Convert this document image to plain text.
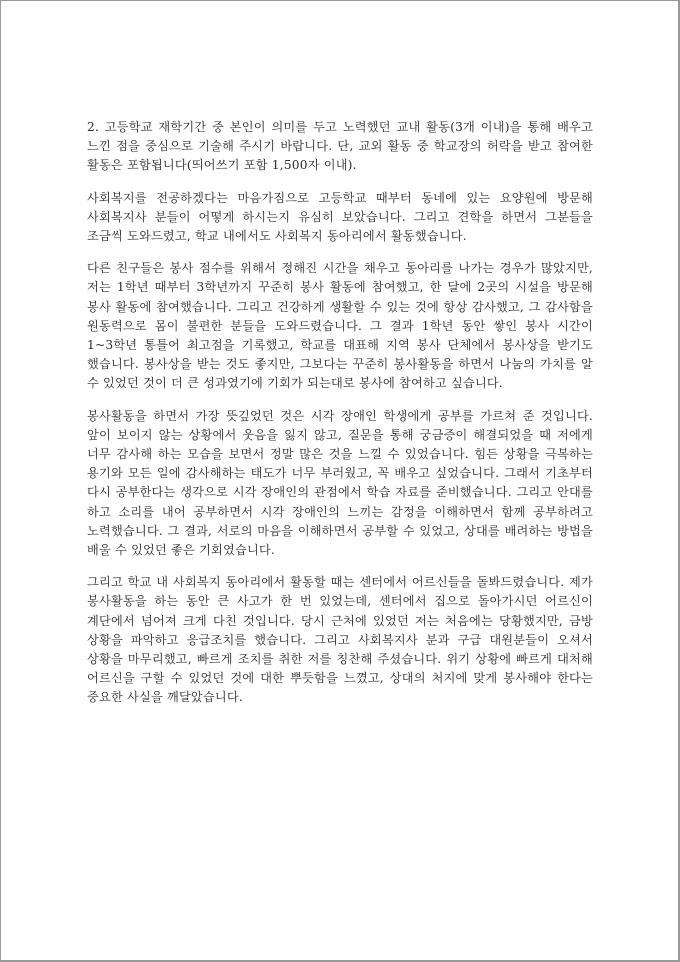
2. 고등학교 재학기간 중 본인이 의미를 두고 노력했던 교내 활동(3개 이내)을 통해 배우고 느낀 점을 중심으로 기술해 주시기 바랍니다. 단, 교외 활동 중 학교장의 허락을 받고 참여한 활동은 포함됩니다(띄어쓰기 포함 1,500자 이내).

사회복지를 전공하겠다는 마음가짐으로 고등학교 때부터 동네에 있는 요양원에 방문해 사회복지사 분들이 어떻게 하시는지 유심히 보았습니다. 그리고 견학을 하면서 그분들을 조금씩 도와드렸고, 학교 내에서도 사회복지 동아리에서 활동했습니다.

다른 친구들은 봉사 점수를 위해서 정해진 시간을 채우고 동아리를 나가는 경우가 많았지만, 저는 1학년 때부터 3학년까지 꾸준히 봉사 활동에 참여했고, 한 달에 2곳의 시설을 방문해 봉사 활동에 참여했습니다. 그리고 건강하게 생활할 수 있는 것에 항상 감사했고, 그 감사함을 원동력으로 몸이 불편한 분들을 도와드렸습니다. 그 결과 1학년 동안 쌓인 봉사 시간이 1~3학년 통틀어 최고점을 기록했고, 학교를 대표해 지역 봉사 단체에서 봉사상을 받기도 했습니다. 봉사상을 받는 것도 좋지만, 그보다는 꾸준히 봉사활동을 하면서 나눔의 가치를 알 수 있었던 것이 더 큰 성과였기에 기회가 되는대로 봉사에 참여하고 싶습니다.

봉사활동을 하면서 가장 뜻깊었던 것은 시각 장애인 학생에게 공부를 가르쳐 준 것입니다. 앞이 보이지 않는 상황에서 웃음을 잃지 않고, 질문을 통해 궁금증이 해결되었을 때 저에게 너무 감사해 하는 모습을 보면서 정말 많은 것을 느낄 수 있었습니다. 힘든 상황을 극복하는 용기와 모든 일에 감사해하는 태도가 너무 부러웠고, 꼭 배우고 싶었습니다. 그래서 기초부터 다시 공부한다는 생각으로 시각 장애인의 관점에서 학습 자료를 준비했습니다. 그리고 안대를 하고 소리를 내어 공부하면서 시각 장애인의 느끼는 감정을 이해하면서 함께 공부하려고 노력했습니다. 그 결과, 서로의 마음을 이해하면서 공부할 수 있었고, 상대를 배려하는 방법을 배울 수 있었던 좋은 기회였습니다.

그리고 학교 내 사회복지 동아리에서 활동할 때는 센터에서 어르신들을 돌봐드렸습니다. 제가 봉사활동을 하는 동안 큰 사고가 한 번 있었는데, 센터에서 집으로 돌아가시던 어르신이 계단에서 넘어져 크게 다친 것입니다. 당시 근처에 있었던 저는 처음에는 당황했지만, 금방 상황을 파악하고 응급조치를 했습니다. 그리고 사회복지사 분과 구급 대원분들이 오셔서 상황을 마무리했고, 빠르게 조치를 취한 저를 칭찬해 주셨습니다. 위기 상황에 빠르게 대처해 어르신을 구할 수 있었던 것에 대한 뿌듯함을 느꼈고, 상대의 처지에 맞게 봉사해야 한다는 중요한 사실을 깨달았습니다.
